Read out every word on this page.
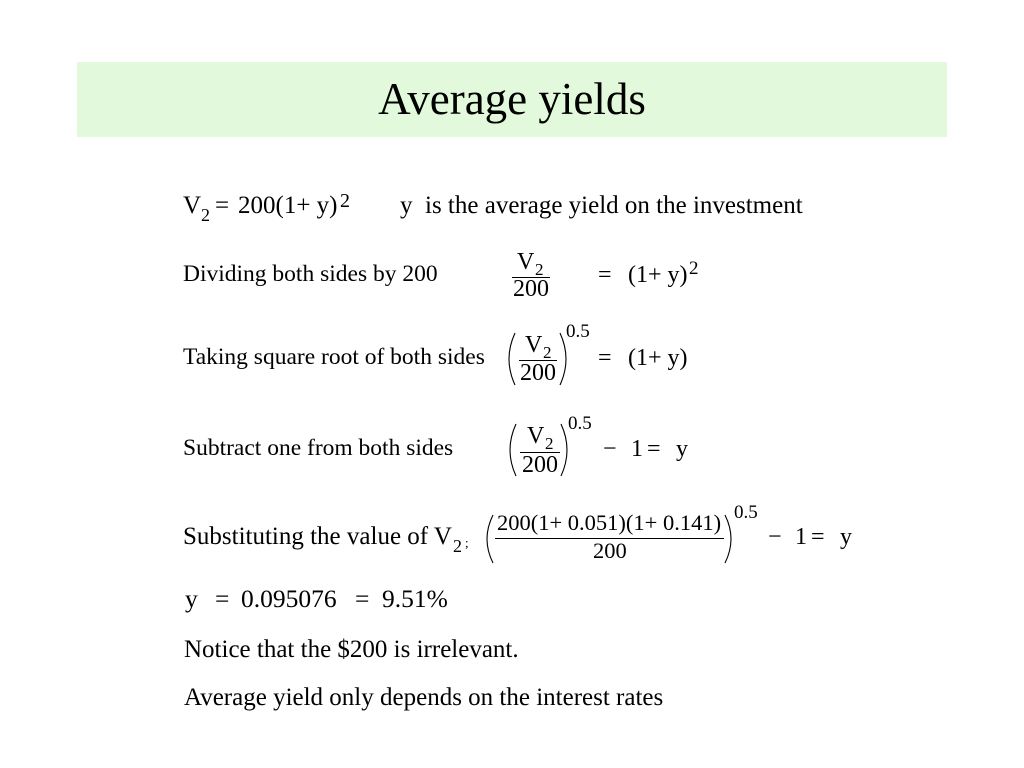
Average yields
V 2 = 200(1+ y) 2 y  is the average yield on the investment
Dividing both sides by 200	V 2
200
= (1+ y) 2
Taking square root of both sides V 2
200
0.5
= (1+ y)
Subtract one from both sides	V 2
200
0.5
− 1 = y
Substituting the value of V 2 ;
200(1+ 0.051)(1+ 0.141)
200
0.5
− 1 = y
y = 0.095076 = 9.51%
Notice that the $200 is irrelevant.
Average yield only depends on the interest rates
